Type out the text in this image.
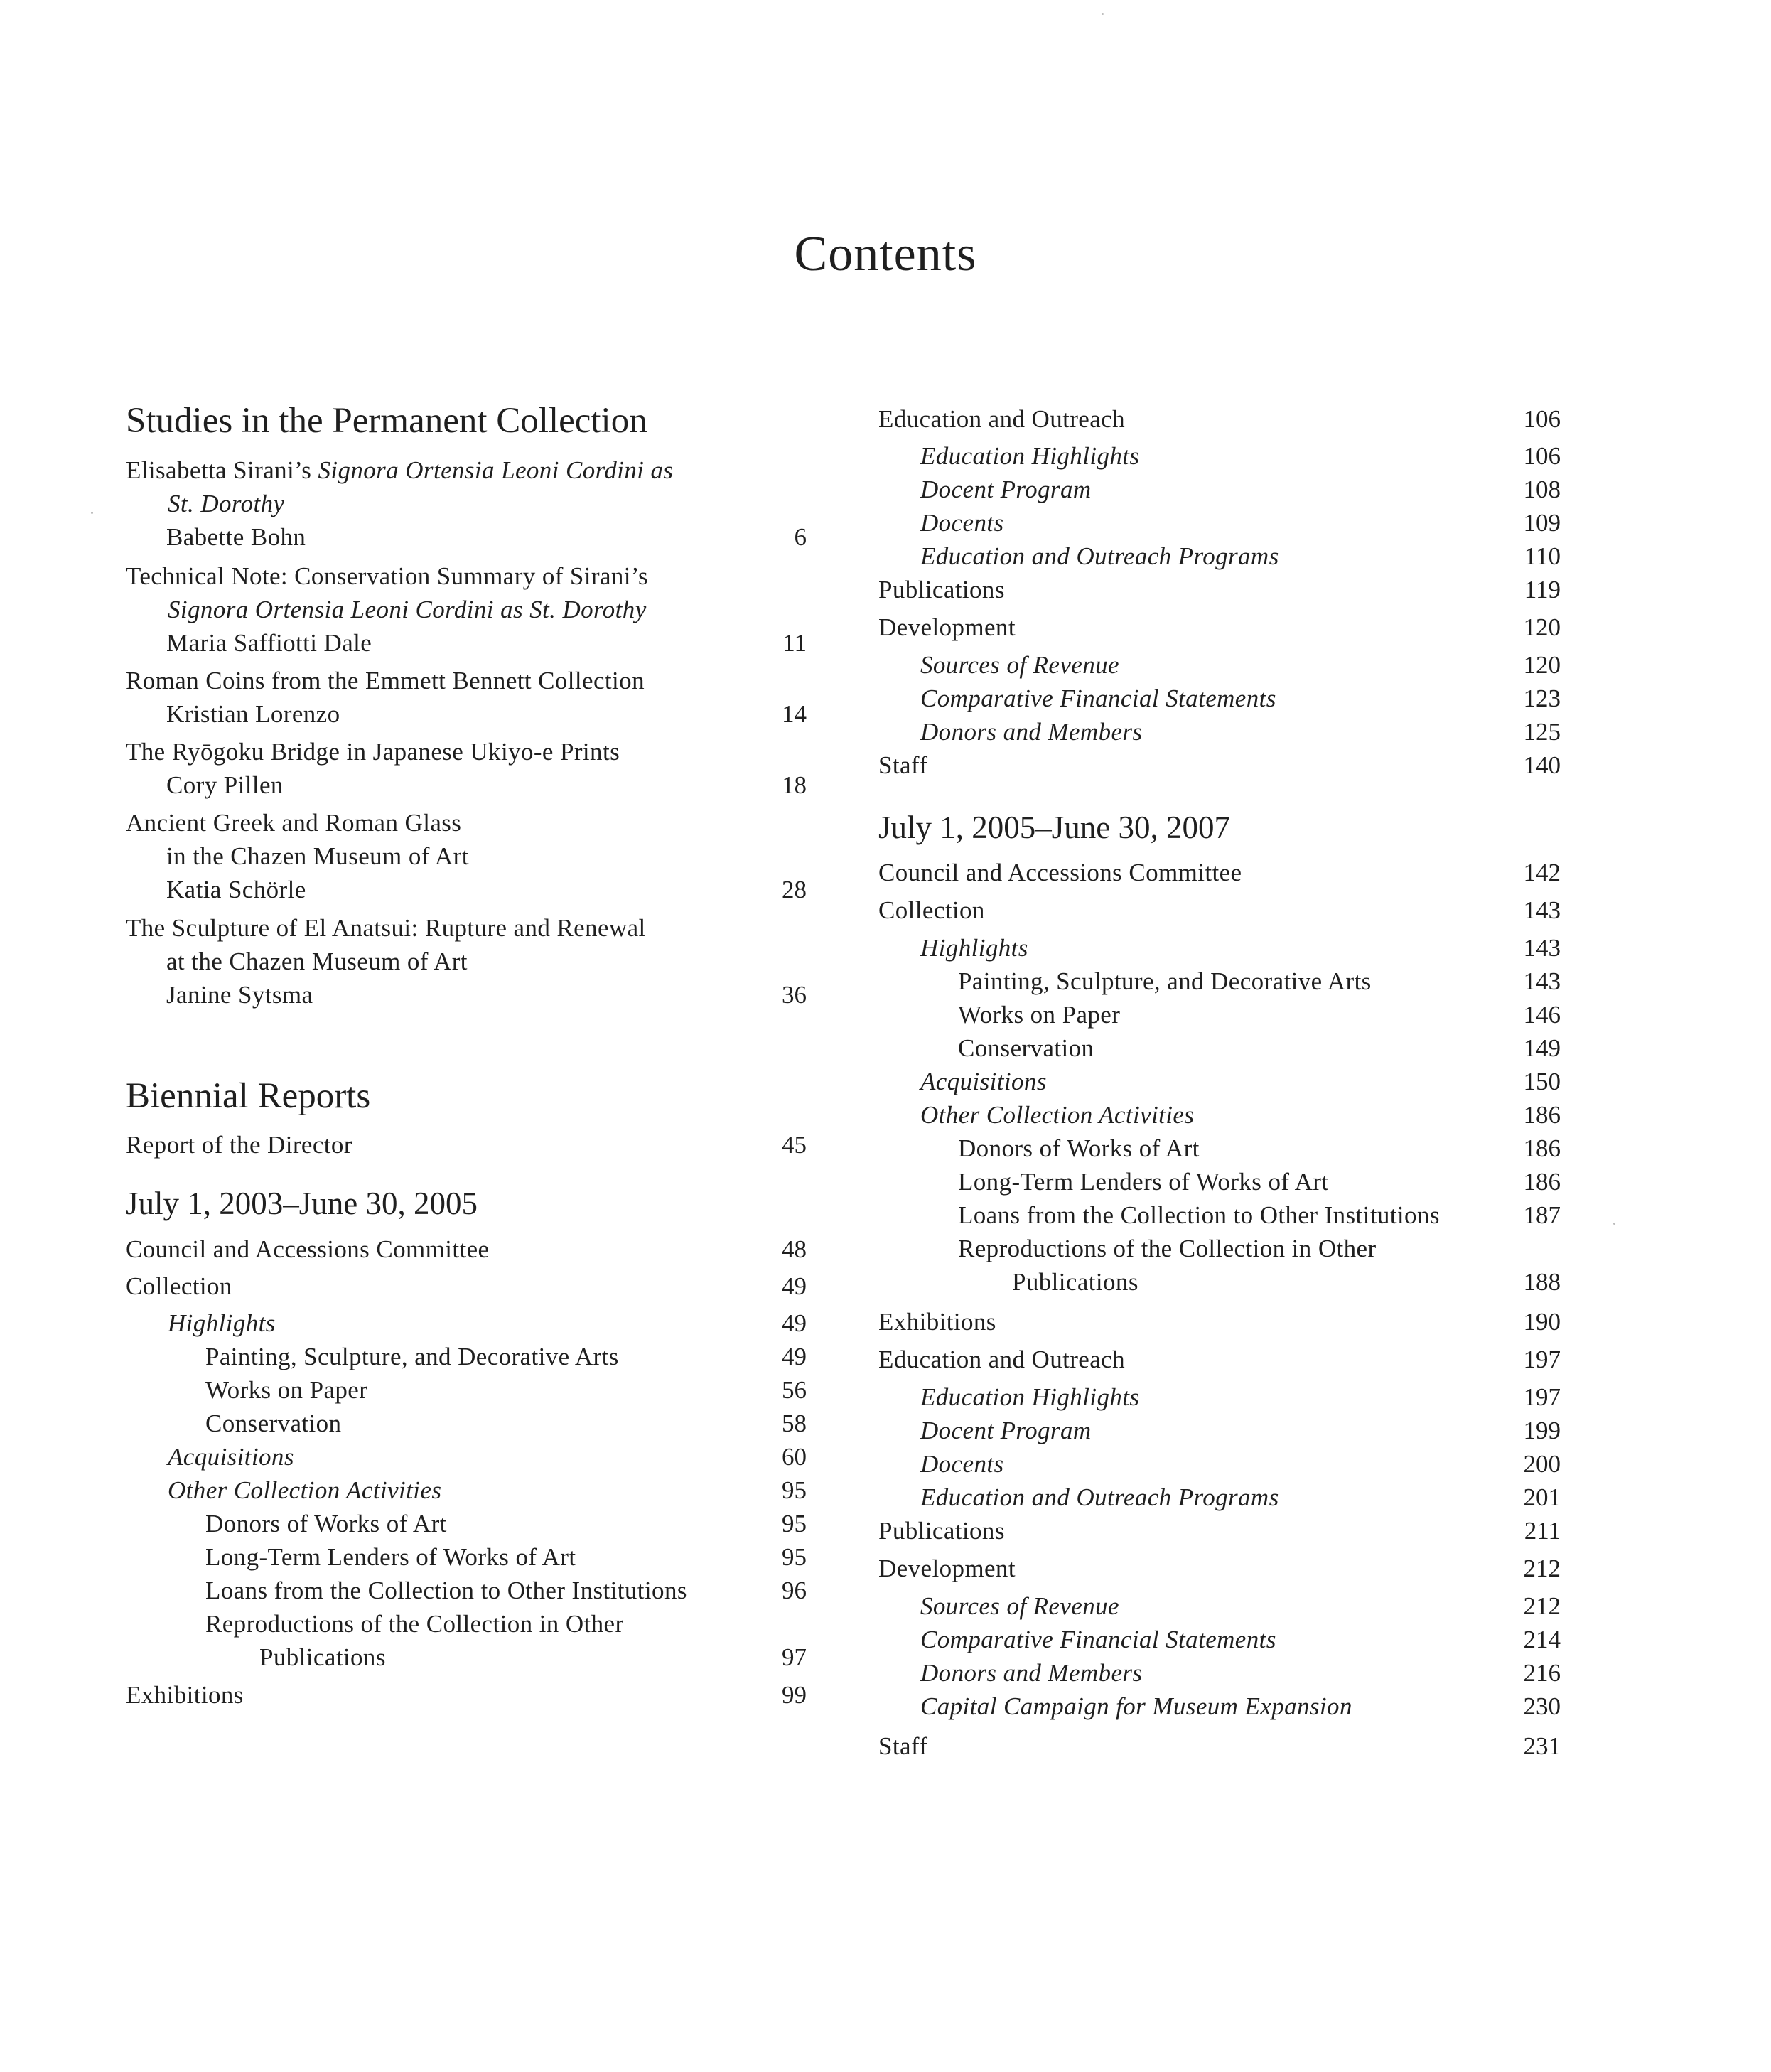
Contents
Studies in the Permanent Collection
Elisabetta Sirani’s Signora Ortensia Leoni Cordini as
St. Dorothy
Babette Bohn	6
Technical Note: Conservation Summary of Sirani’s
Signora Ortensia Leoni Cordini as St. Dorothy
Maria Saffiotti Dale	11
Roman Coins from the Emmett Bennett Collection
Kristian Lorenzo	14
The Ryōgoku Bridge in Japanese Ukiyo-e Prints
Cory Pillen	18
Ancient Greek and Roman Glass
in the Chazen Museum of Art
Katia Schörle	28
The Sculpture of El Anatsui: Rupture and Renewal
at the Chazen Museum of Art
Janine Sytsma	36
Biennial Reports
Report of the Director	45
July 1, 2003–June 30, 2005
Council and Accessions Committee	48
Collection	49
Highlights	49
Painting, Sculpture, and Decorative Arts	49
Works on Paper	56
Conservation	58
Acquisitions	60
Other Collection Activities	95
Donors of Works of Art	95
Long-Term Lenders of Works of Art	95
Loans from the Collection to Other Institutions	96
Reproductions of the Collection in Other
Publications	97
Exhibitions	99
Education and Outreach	106
Education Highlights	106
Docent Program	108
Docents	109
Education and Outreach Programs	110
Publications	119
Development	120
Sources of Revenue	120
Comparative Financial Statements	123
Donors and Members	125
Staff	140
July 1, 2005–June 30, 2007
Council and Accessions Committee	142
Collection	143
Highlights	143
Painting, Sculpture, and Decorative Arts	143
Works on Paper	146
Conservation	149
Acquisitions	150
Other Collection Activities	186
Donors of Works of Art	186
Long-Term Lenders of Works of Art	186
Loans from the Collection to Other Institutions	187
Reproductions of the Collection in Other
Publications	188
Exhibitions	190
Education and Outreach	197
Education Highlights	197
Docent Program	199
Docents	200
Education and Outreach Programs	201
Publications	211
Development	212
Sources of Revenue	212
Comparative Financial Statements	214
Donors and Members	216
Capital Campaign for Museum Expansion	230
Staff	231
